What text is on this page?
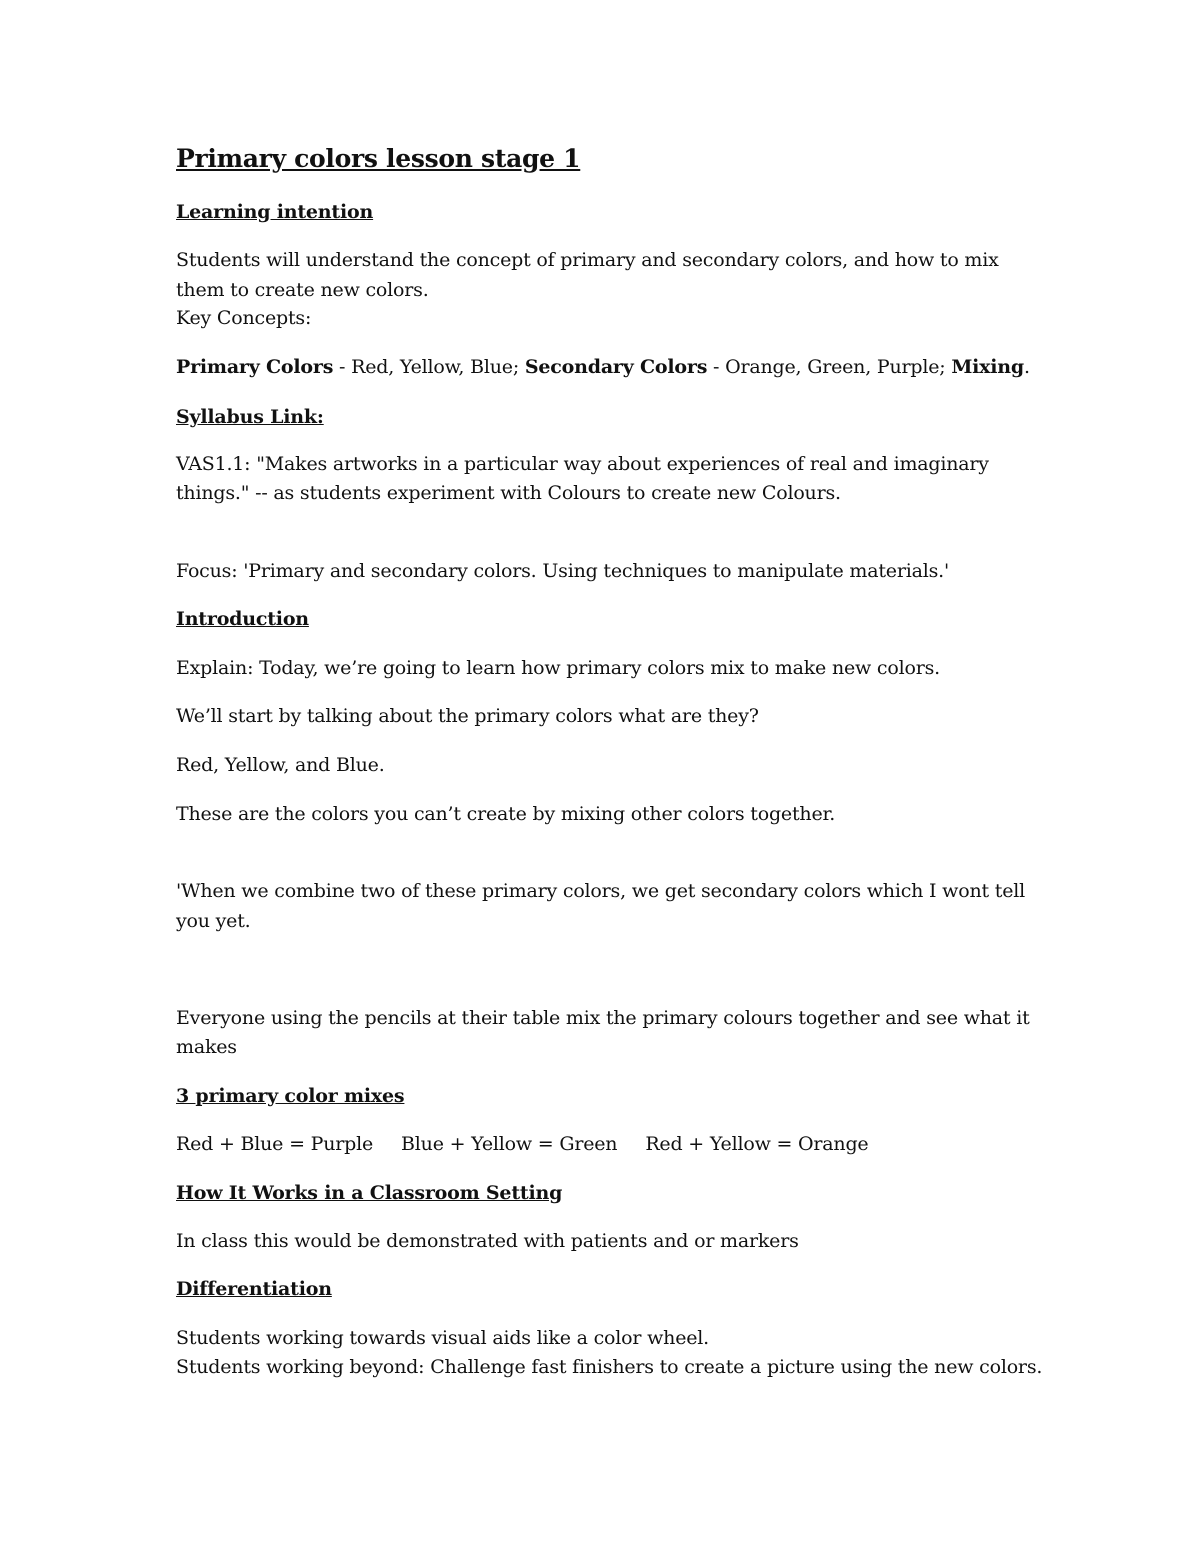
Primary colors lesson stage 1

Learning intention

Students will understand the concept of primary and secondary colors, and how to mix

them to create new colors.

Key Concepts:

Primary Colors - Red, Yellow, Blue; Secondary Colors - Orange, Green, Purple; Mixing.

Syllabus Link:

VAS1.1: "Makes artworks in a particular way about experiences of real and imaginary

things." -- as students experiment with Colours to create new Colours.

Focus: 'Primary and secondary colors. Using techniques to manipulate materials.'

Introduction

Explain: Today, we’re going to learn how primary colors mix to make new colors.

We’ll start by talking about the primary colors what are they?

Red, Yellow, and Blue.

These are the colors you can’t create by mixing other colors together.

'When we combine two of these primary colors, we get secondary colors which I wont tell

you yet.

Everyone using the pencils at their table mix the primary colours together and see what it

makes

3 primary color mixes

Red + Blue = Purple Blue + Yellow = Green Red + Yellow = Orange

How It Works in a Classroom Setting

In class this would be demonstrated with patients and or markers

Differentiation

Students working towards visual aids like a color wheel.

Students working beyond: Challenge fast finishers to create a picture using the new colors.
